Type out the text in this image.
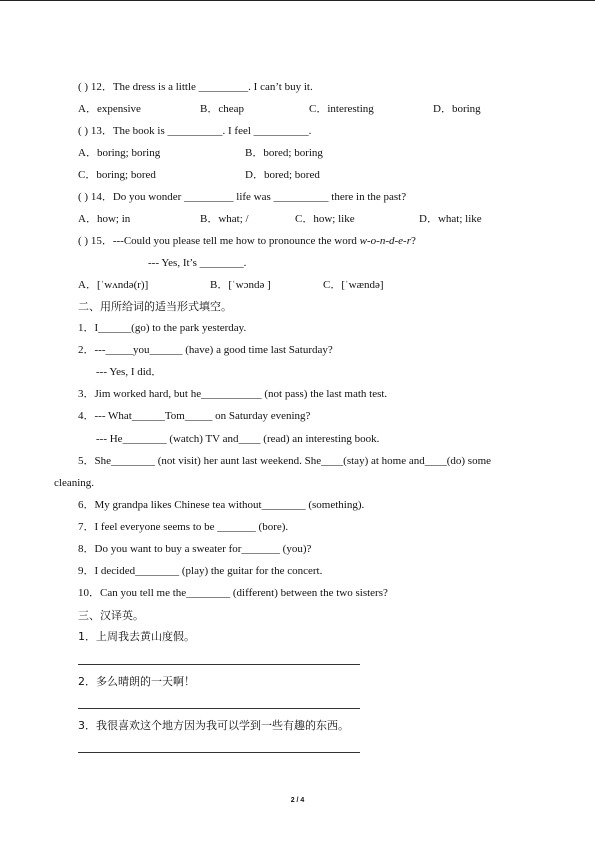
( ) 12．The dress is a little _________. I can’t buy it.
A．expensive	B．cheap	C．interesting	D．boring
( ) 13．The book is __________. I feel __________.
A．boring; boring	B．bored; boring
C．boring; bored	D．bored; bored
( ) 14．Do you wonder _________ life was __________ there in the past?
A．how; in	B．what; /	C．how; like	D．what; like
( ) 15．---Could you please tell me how to pronounce the word w-o-n-d-e-r?
--- Yes, It’s ________.
A．[ˈwʌndə(r)]	B．[ˈwɔndə ]	C．[ˈwændə]
二、用所给词的适当形式填空。
1．I______(go) to the park yesterday.
2．---_____you______ (have) a good time last Saturday?
--- Yes, I did．
3．Jim worked hard, but he___________ (not pass) the last math test.
4．--- What______Tom_____ on Saturday evening?
--- He________ (watch) TV and____ (read) an interesting book.
5．She________ (not visit) her aunt last weekend. She____(stay) at home and____(do) some
cleaning.
6．My grandpa likes Chinese tea without________ (something).
7．I feel everyone seems to be _______ (bore).
8．Do you want to buy a sweater for_______ (you)?
9．I decided________ (play) the guitar for the concert.
10．Can you tell me the________ (different) between the two sisters?
三、汉译英。
1．上周我去黄山度假。
2．多么晴朗的一天啊！
3．我很喜欢这个地方因为我可以学到一些有趣的东西。
2 / 4
